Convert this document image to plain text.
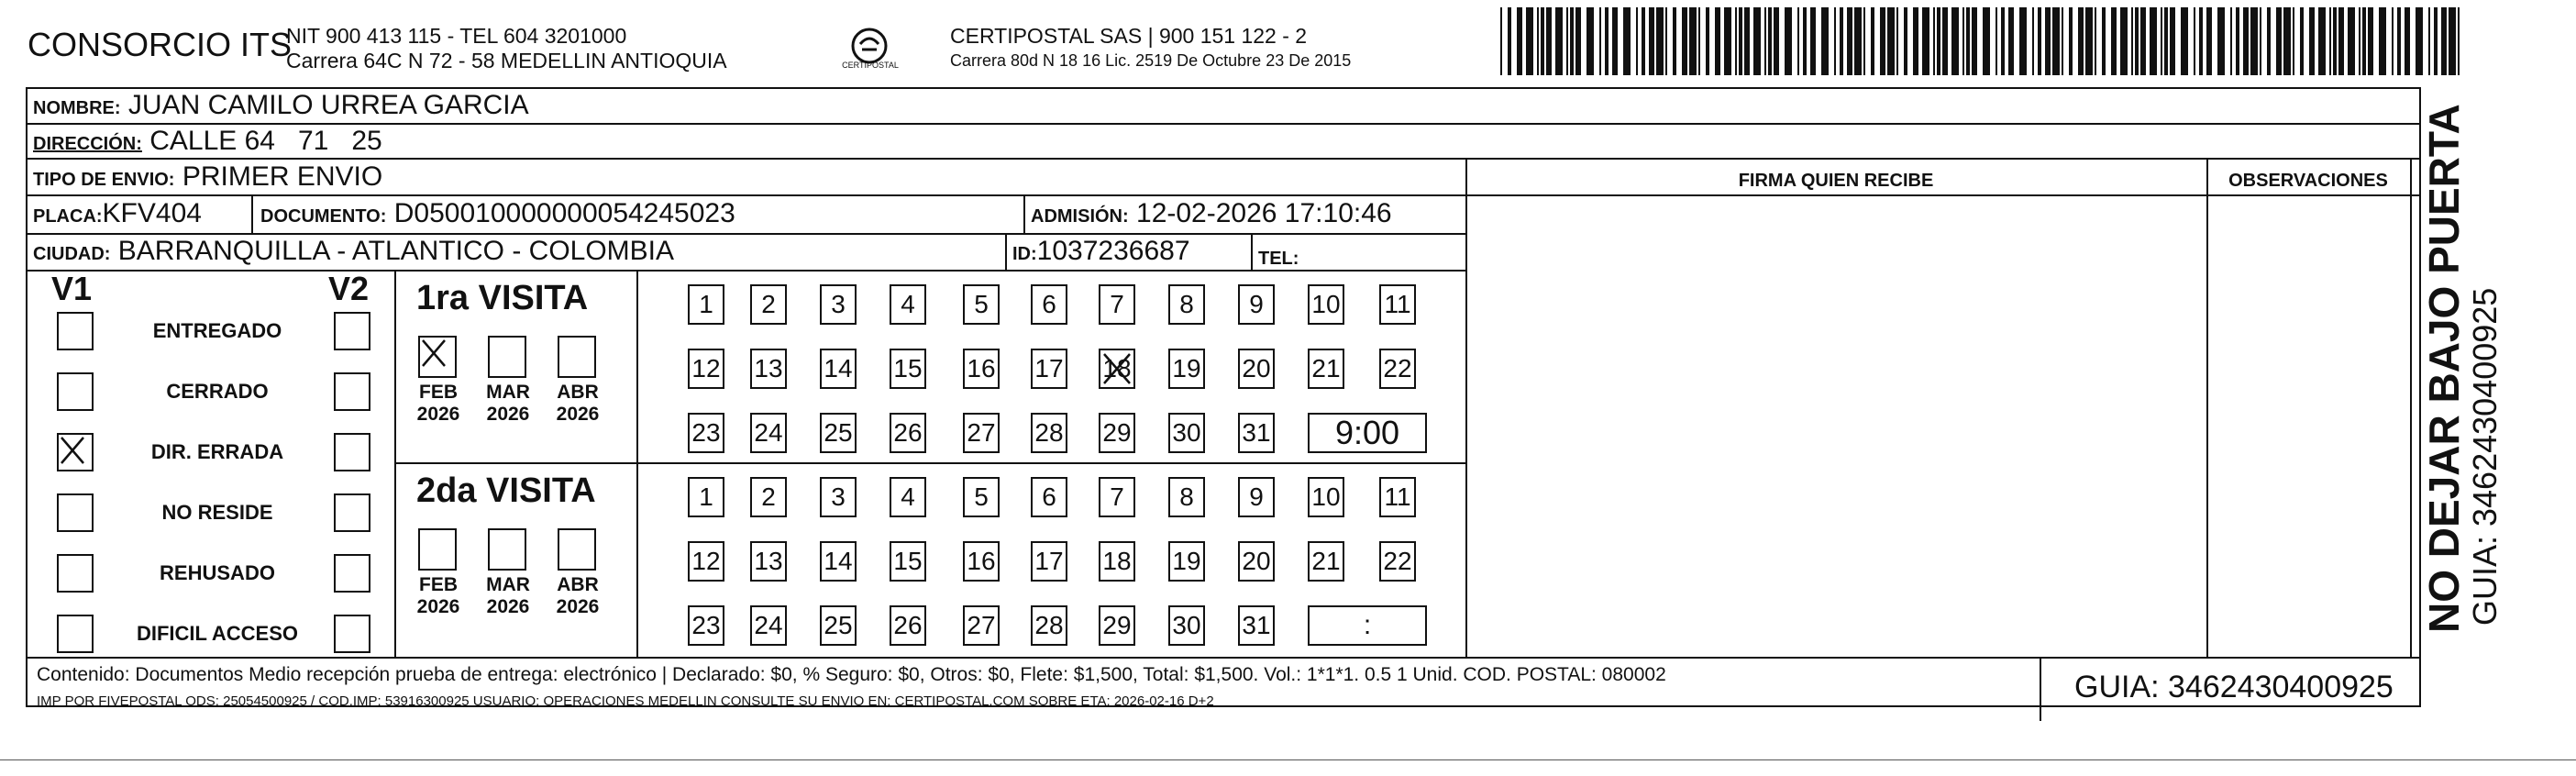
CONSORCIO ITS
NIT 900 413 115 - TEL 604 3201000
Carrera 64C N 72 - 58 MEDELLIN ANTIOQUIA	CERTIPOSTAL
CERTIPOSTAL SAS | 900 151 122 - 2
Carrera 80d N 18 16 Lic. 2519 De Octubre 23 De 2015
NOMBRE: JUAN CAMILO URREA GARCIA
DIRECCIÓN: CALLE 64   71   25
TIPO DE ENVIO: PRIMER ENVIO	FIRMA QUIEN RECIBE	OBSERVACIONES
PLACA:KFV404	DOCUMENTO: D050010000000054245023	ADMISIÓN: 12-02-2026 17:10:46
CIUDAD: BARRANQUILLA - ATLANTICO - COLOMBIA	ID:1037236687	TEL:
V1	V2
ENTREGADO
CERRADO
DIR. ERRADA
NO RESIDE
REHUSADO
DIFICIL ACCESO
1ra VISITA
2da VISITA
FEB
2026
MAR
2026
ABR
2026
1	2	3	4	5	6	7	8	9	10 11
12 13 14 15 16 17 18 19 20 21 22
23 24 25 26 27 28 29 30 31	9:00
FEB
2026
MAR
2026
ABR
2026
1	2	3	4	5	6	7	8	9	10 11
12 13 14 15 16 17 18 19 20 21 22
23 24 25 26 27 28 29 30 31	:
Contenido: Documentos Medio recepción prueba de entrega: electrónico | Declarado: $0, % Seguro: $0, Otros: $0, Flete: $1,500, Total: $1,500. Vol.: 1*1*1. 0.5 1 Unid. COD. POSTAL: 080002
IMP POR FIVEPOSTAL ODS: 25054500925 / COD.IMP: 53916300925 USUARIO: OPERACIONES MEDELLIN CONSULTE SU ENVIO EN: CERTIPOSTAL.COM SOBRE ETA: 2026-02-16 D+2	GUIA: 3462430400925
NO DEJAR BAJO PUERTA
GUIA: 3462430400925
